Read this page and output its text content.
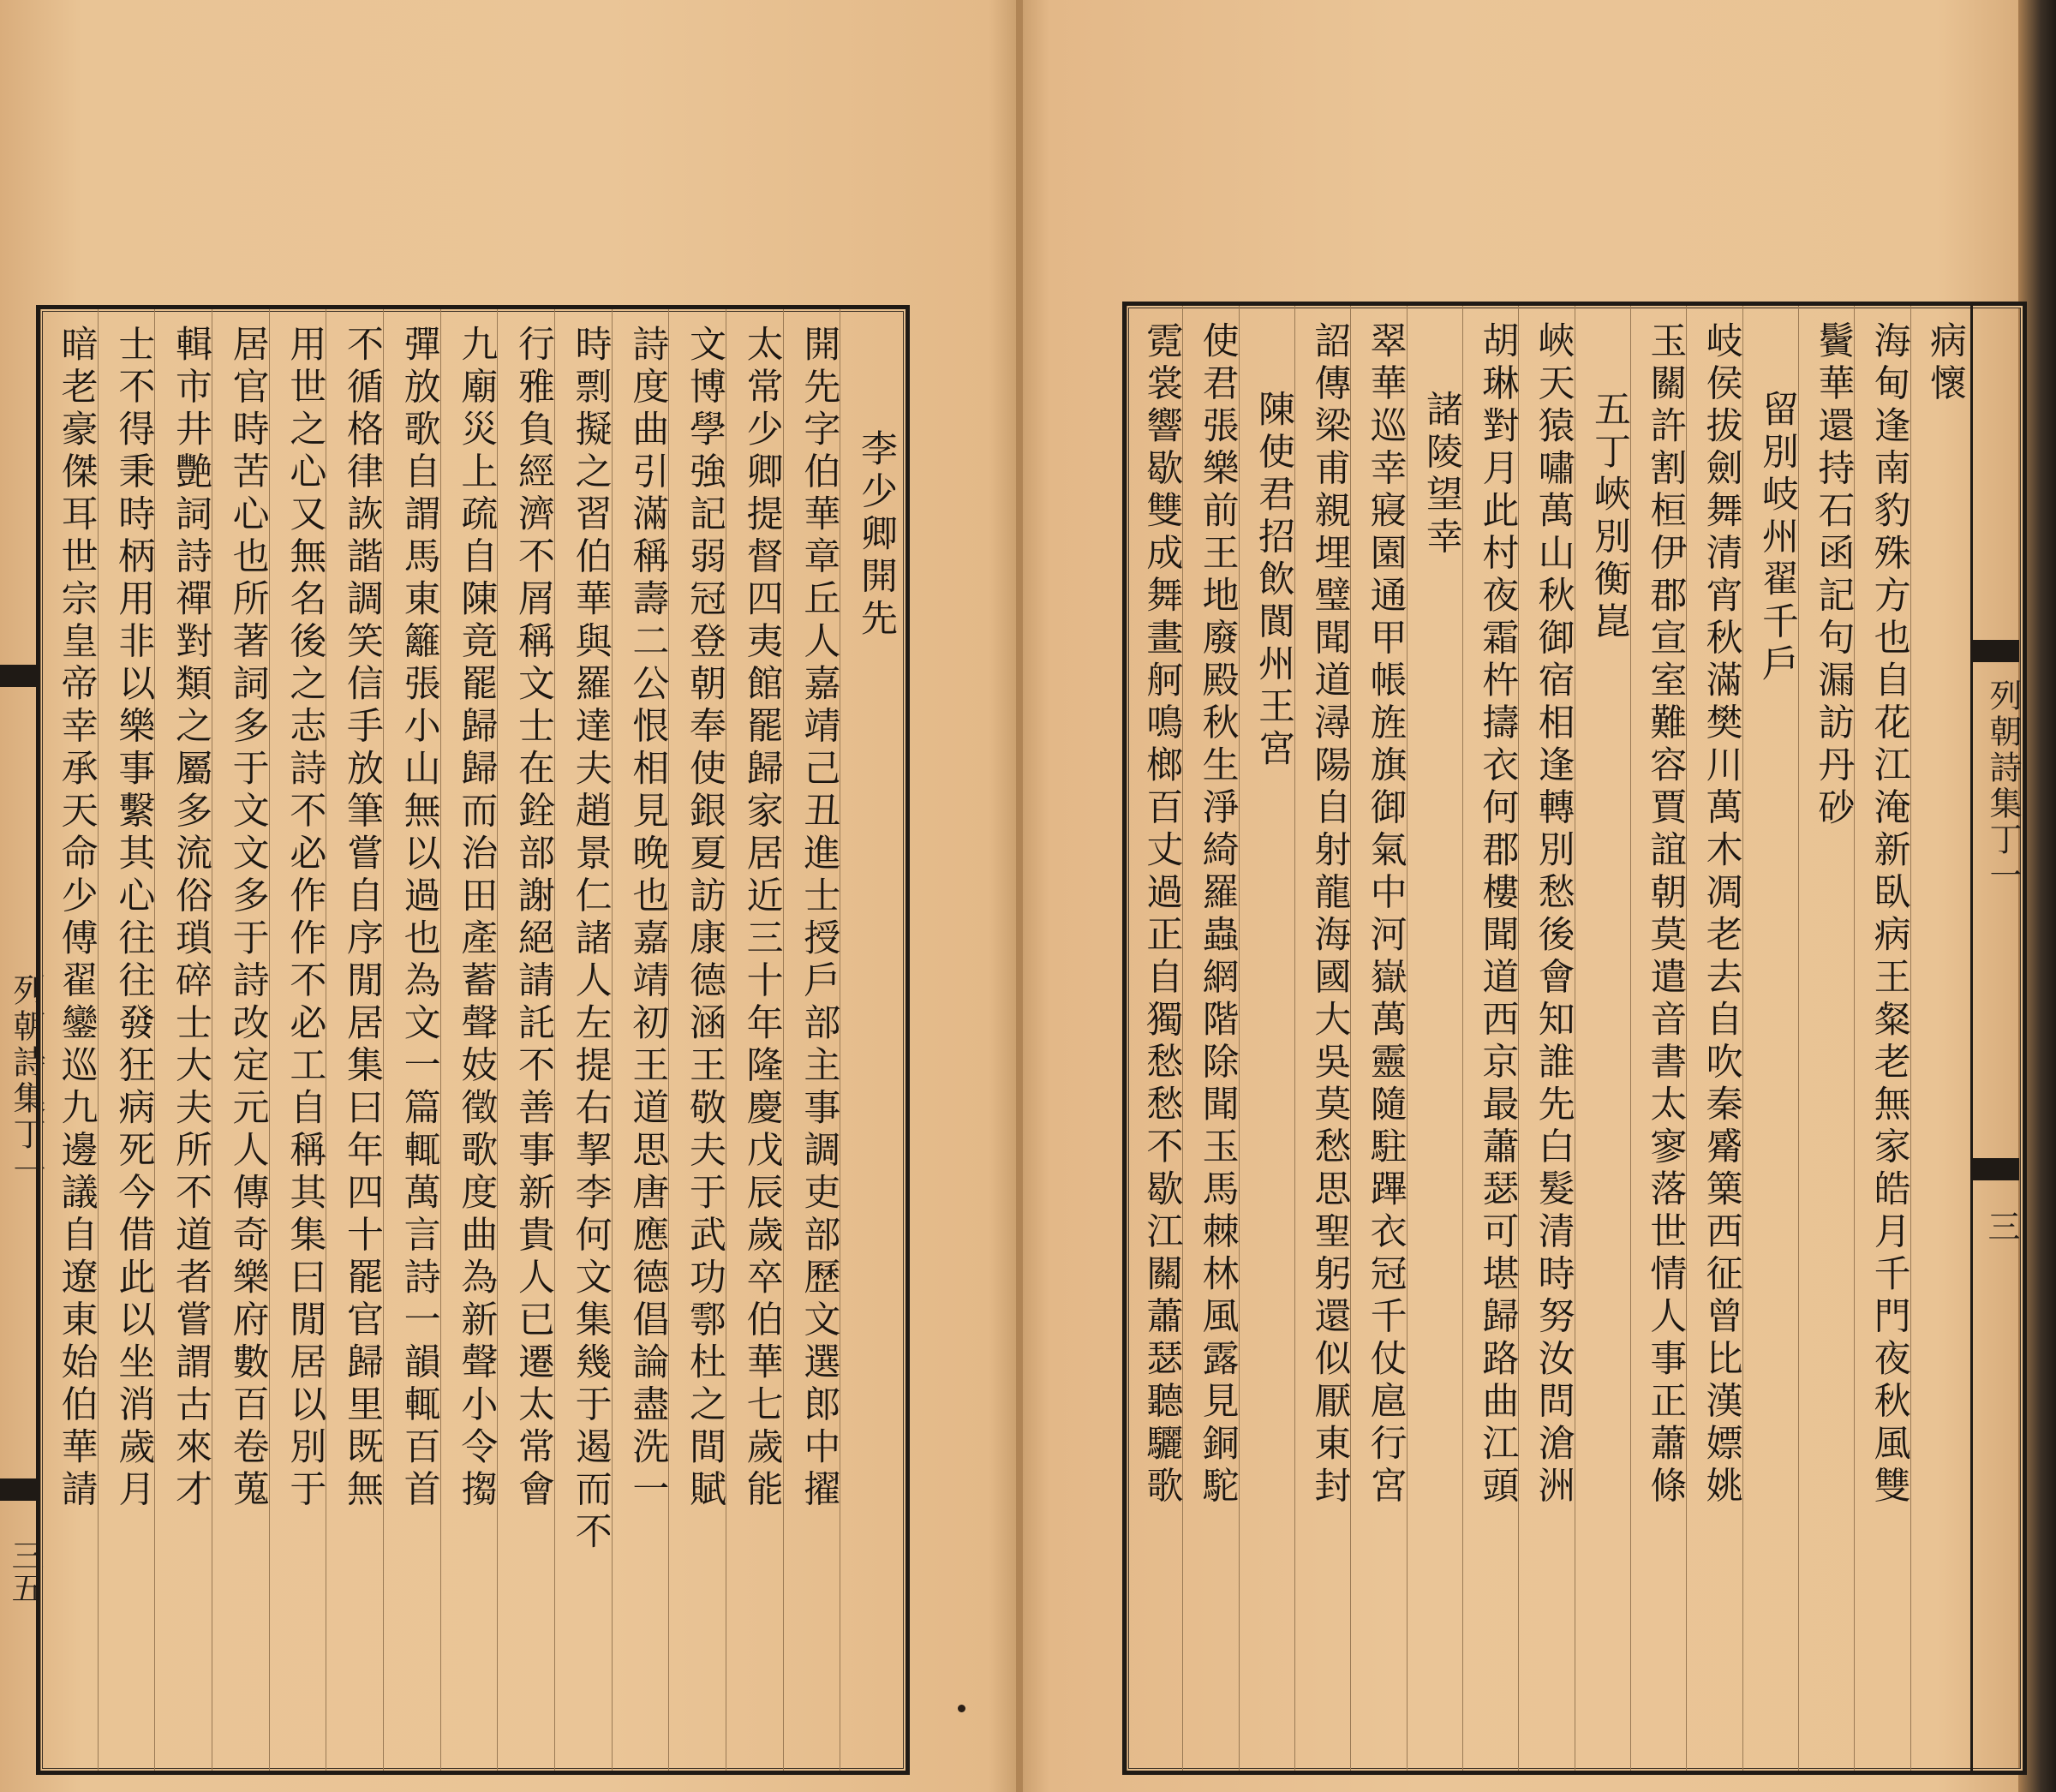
列朝詩集丁一
三五
李少卿開先
開先字伯華章丘人嘉靖己丑進士授戶部主事調吏部歷文選郎中擢
太常少卿提督四夷館罷歸家居近三十年隆慶戊辰歲卒伯華七歲能
文博學強記弱冠登朝奉使銀夏訪康德涵王敬夫于武功鄠杜之間賦
詩度曲引滿稱壽二公恨相見晚也嘉靖初王道思唐應德倡論盡洗一
時剽擬之習伯華與羅達夫趙景仁諸人左提右挈李何文集幾于遏而不
行雅負經濟不屑稱文士在銓部謝絕請託不善事新貴人已遷太常會
九廟災上疏自陳竟罷歸歸而治田產蓄聲妓徵歌度曲為新聲小令搊
彈放歌自謂馬東籬張小山無以過也為文一篇輒萬言詩一韻輒百首
不循格律詼諧調笑信手放筆嘗自序閒居集曰年四十罷官歸里既無
用世之心又無名後之志詩不必作作不必工自稱其集曰閒居以別于
居官時苦心也所著詞多于文文多于詩改定元人傳奇樂府數百卷蒐
輯市井艷詞詩禪對類之屬多流俗瑣碎士大夫所不道者嘗謂古來才
士不得秉時柄用非以樂事繫其心往往發狂病死今借此以坐消歲月
暗老豪傑耳世宗皇帝幸承天命少傅翟鑾巡九邊議自遼東始伯華請	病懷
海甸逢南豹殊方也自花江淹新臥病王粲老無家皓月千門夜秋風雙
鬢華還持石函記句漏訪丹砂
留別岐州翟千戶
岐侯拔劍舞清宵秋滿樊川萬木凋老去自吹秦觱篥西征曾比漢嫖姚
玉關許割桓伊郡宣室難容賈誼朝莫遣音書太寥落世情人事正蕭條
五丁峽別衡崑
峽天猿嘯萬山秋御宿相逢轉別愁後會知誰先白髮清時努汝問滄洲
胡琳對月此村夜霜杵擣衣何郡樓聞道西京最蕭瑟可堪歸路曲江頭
諸陵望幸
翠華巡幸寢園通甲帳旌旗御氣中河嶽萬靈隨駐蹕衣冠千仗扈行宮
詔傳梁甫親埋璧聞道潯陽自射龍海國大吳莫愁思聖躬還似厭東封
陳使君招飲閬州王宮
使君張樂前王地廢殿秋生淨綺羅蟲網階除聞玉馬棘林風露見銅駝
霓裳響歇雙成舞畫舸鳴榔百丈過正自獨愁愁不歇江關蕭瑟聽驪歌	列朝詩集丁一
三
